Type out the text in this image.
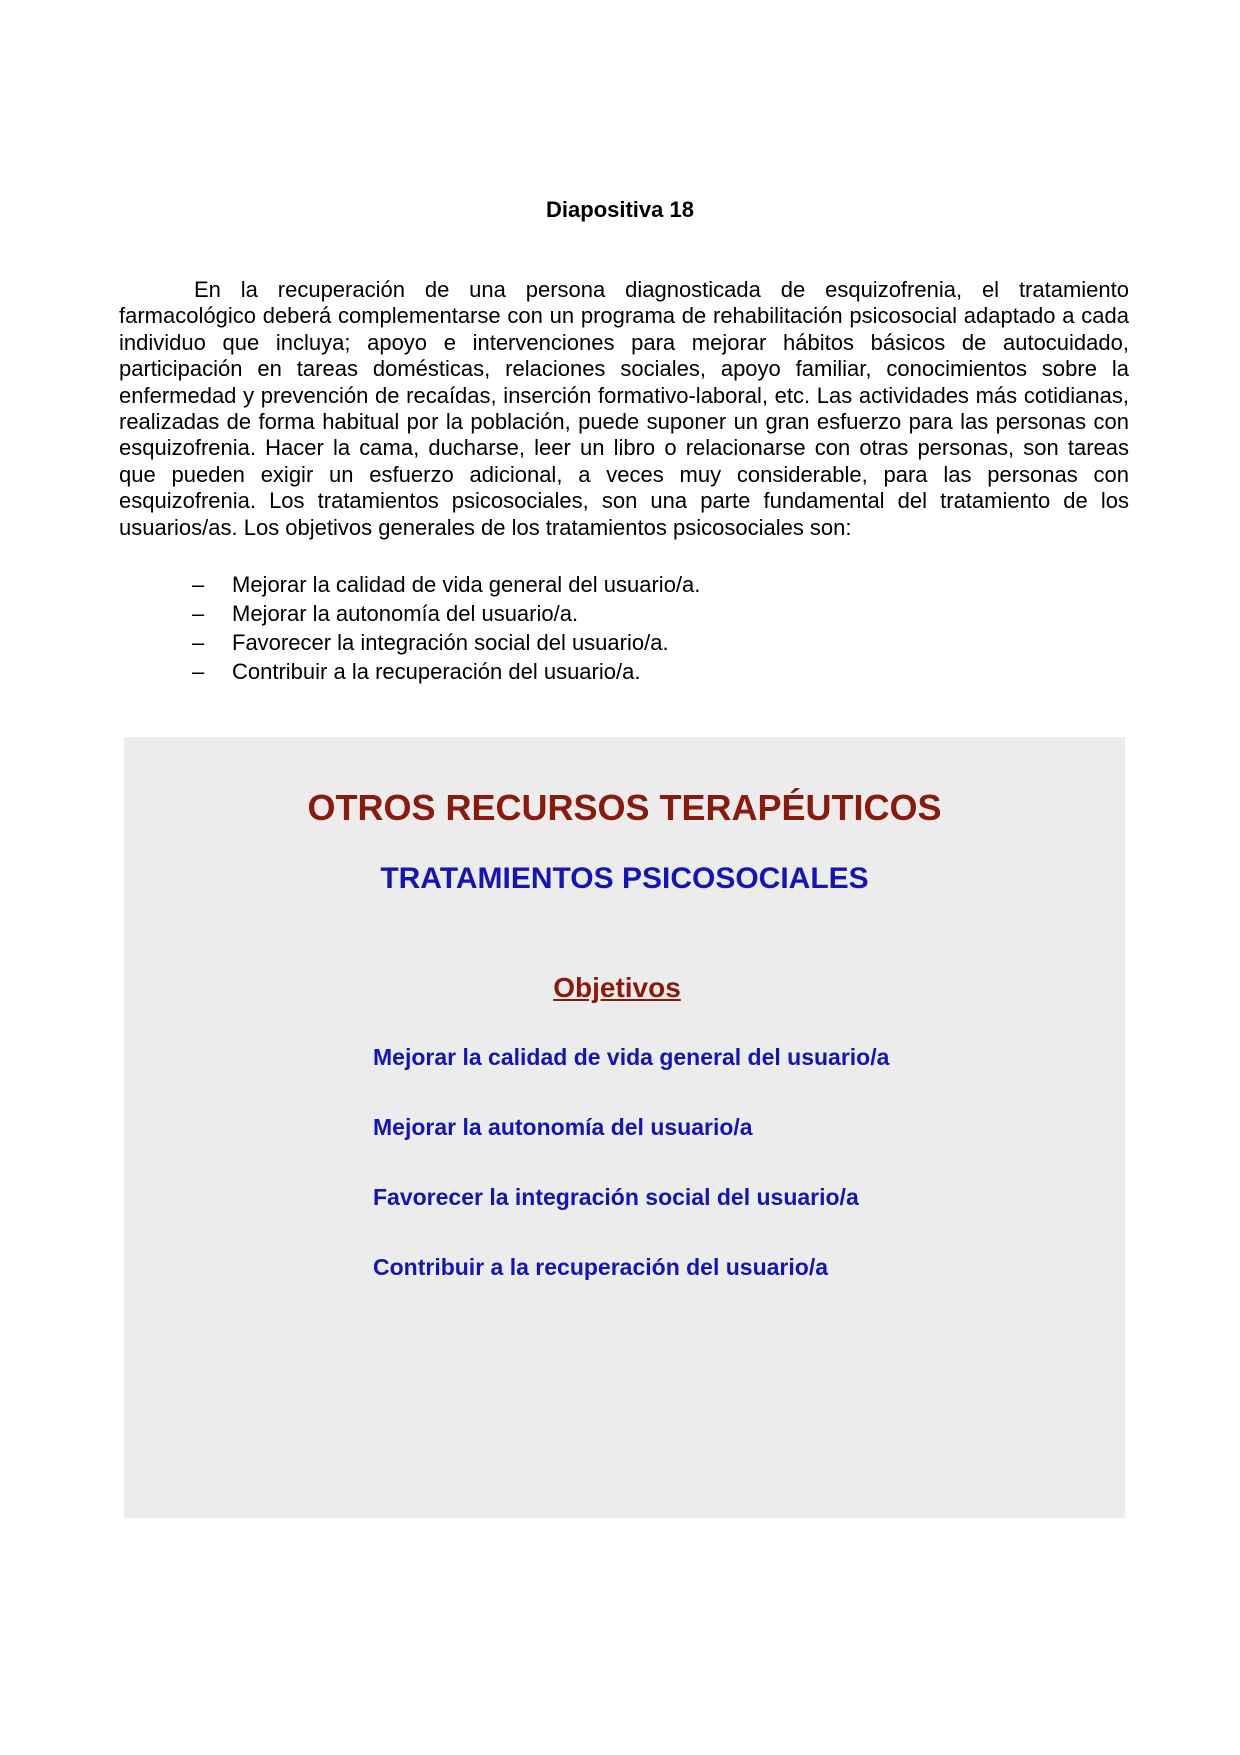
Diapositiva 18

En la recuperación de una persona diagnosticada de esquizofrenia, el tratamiento farmacológico deberá complementarse con un programa de rehabilitación psicosocial adaptado a cada individuo que incluya; apoyo e intervenciones para mejorar hábitos básicos de autocuidado, participación en tareas domésticas, relaciones sociales, apoyo familiar, conocimientos sobre la enfermedad y prevención de recaídas, inserción formativo-laboral, etc. Las actividades más cotidianas, realizadas de forma habitual por la población, puede suponer un gran esfuerzo para las personas con esquizofrenia. Hacer la cama, ducharse, leer un libro o relacionarse con otras personas, son tareas que pueden exigir un esfuerzo adicional, a veces muy considerable, para las personas con esquizofrenia. Los tratamientos psicosociales, son una parte fundamental del tratamiento de los usuarios/as. Los objetivos generales de los tratamientos psicosociales son:

– Mejorar la calidad de vida general del usuario/a.
– Mejorar la autonomía del usuario/a.
– Favorecer la integración social del usuario/a.
– Contribuir a la recuperación del usuario/a.
OTROS RECURSOS TERAPÉUTICOS
TRATAMIENTOS PSICOSOCIALES
Objetivos
Mejorar la calidad de vida general del usuario/a
Mejorar la autonomía del usuario/a
Favorecer la integración social del usuario/a
Contribuir a la recuperación del usuario/a
